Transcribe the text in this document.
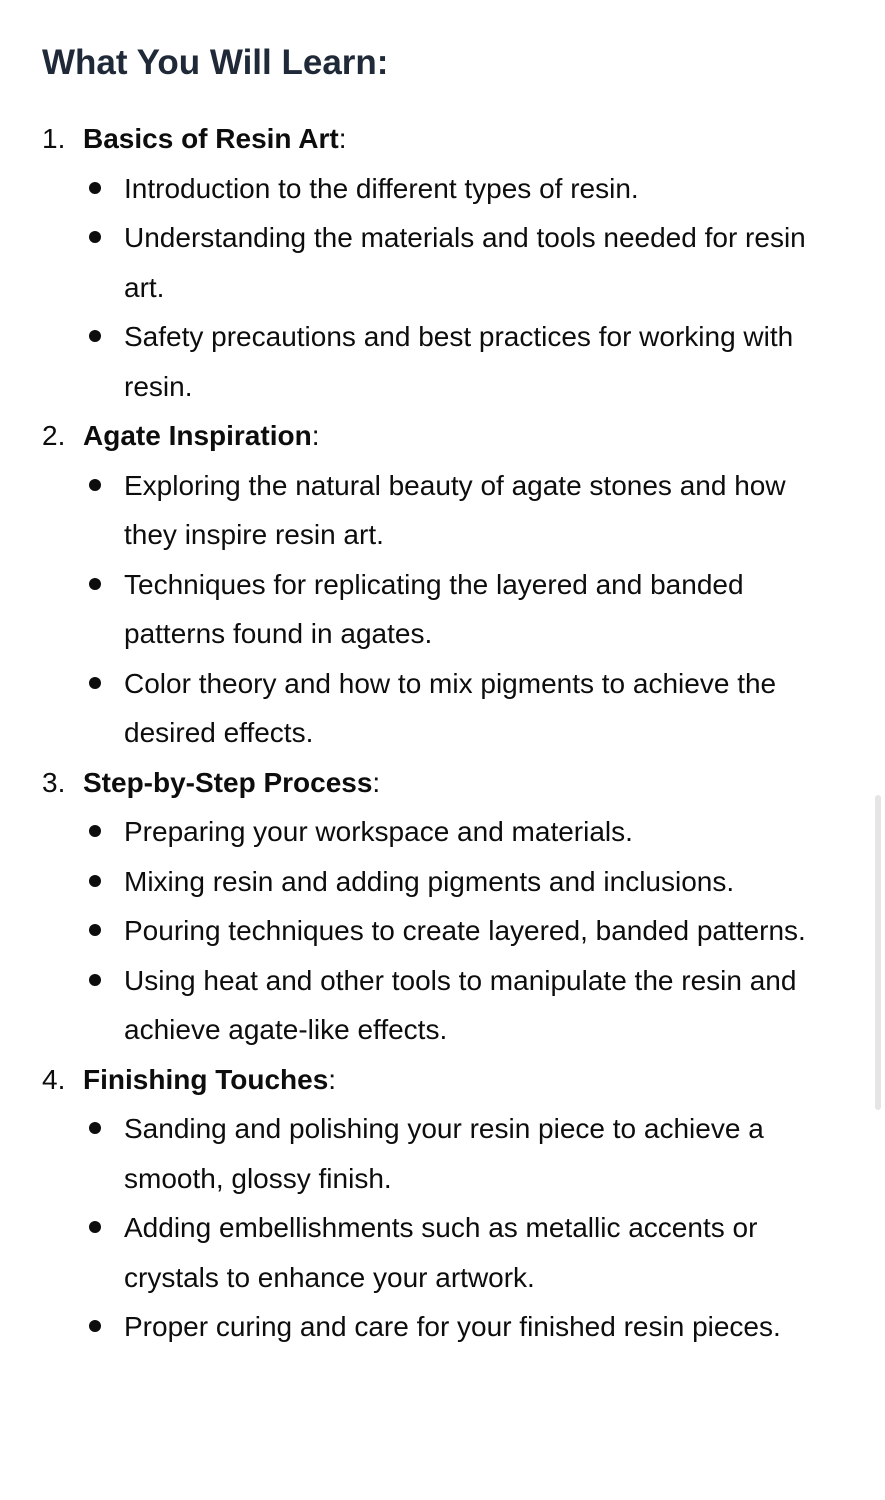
What You Will Learn:
1. Basics of Resin Art:
Introduction to the different types of resin.
Understanding the materials and tools needed for resin art.
Safety precautions and best practices for working with resin.
2. Agate Inspiration:
Exploring the natural beauty of agate stones and how they inspire resin art.
Techniques for replicating the layered and banded patterns found in agates.
Color theory and how to mix pigments to achieve the desired effects.
3. Step-by-Step Process:
Preparing your workspace and materials.
Mixing resin and adding pigments and inclusions.
Pouring techniques to create layered, banded patterns.
Using heat and other tools to manipulate the resin and achieve agate-like effects.
4. Finishing Touches:
Sanding and polishing your resin piece to achieve a smooth, glossy finish.
Adding embellishments such as metallic accents or crystals to enhance your artwork.
Proper curing and care for your finished resin pieces.
